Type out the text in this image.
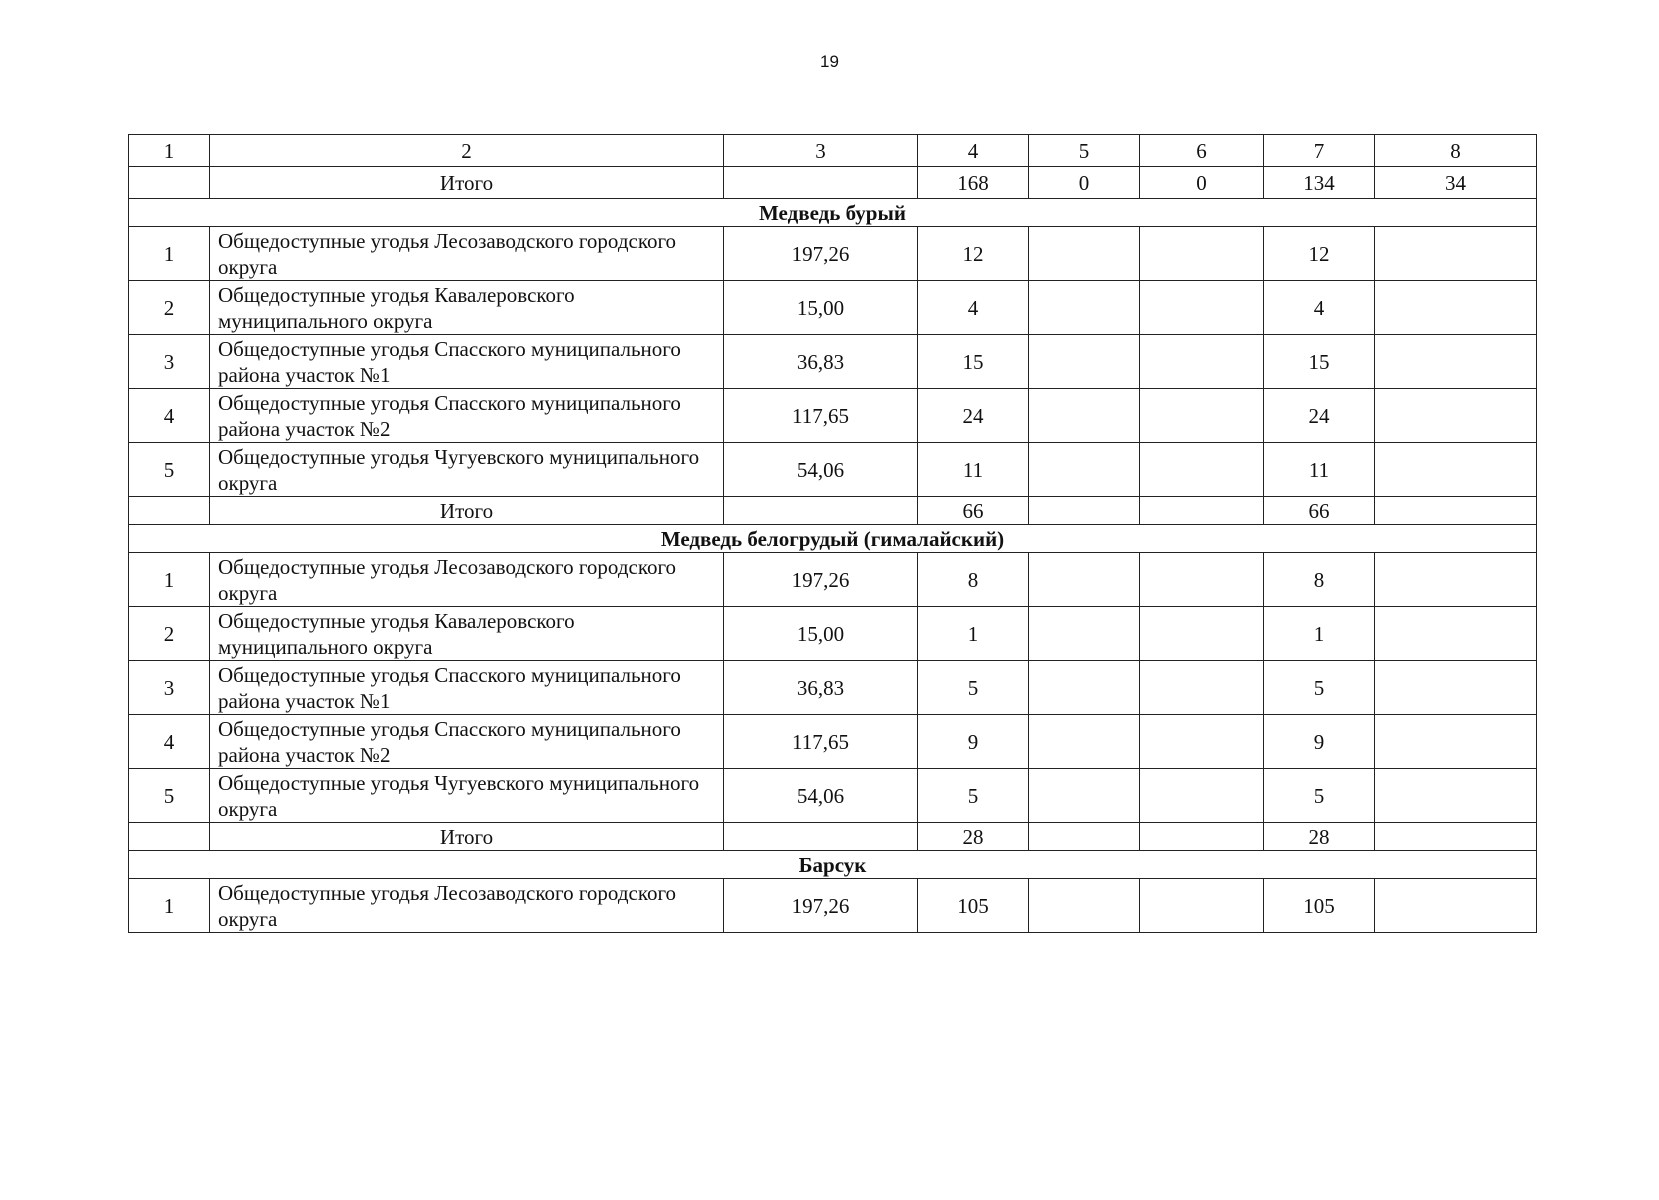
19
1	2	3	4	5	6	7	8
	Итого		168	0	0	134	34
Медведь бурый							
1	Общедоступные угодья Лесозаводского городского округа	197,26	12			12	
2	Общедоступные угодья Кавалеровского муниципального округа	15,00	4			4	
3	Общедоступные угодья Спасского муниципального района участок №1	36,83	15			15	
4	Общедоступные угодья Спасского муниципального района участок №2	117,65	24			24	
5	Общедоступные угодья Чугуевского муниципального округа	54,06	11			11	
	Итого		66			66	
Медведь белогрудый (гималайский)							
1	Общедоступные угодья Лесозаводского городского округа	197,26	8			8	
2	Общедоступные угодья Кавалеровского муниципального округа	15,00	1			1	
3	Общедоступные угодья Спасского муниципального района участок №1	36,83	5			5	
4	Общедоступные угодья Спасского муниципального района участок №2	117,65	9			9	
5	Общедоступные угодья Чугуевского муниципального округа	54,06	5			5	
	Итого		28			28	
Барсук							
1	Общедоступные угодья Лесозаводского городского округа	197,26	105			105	
